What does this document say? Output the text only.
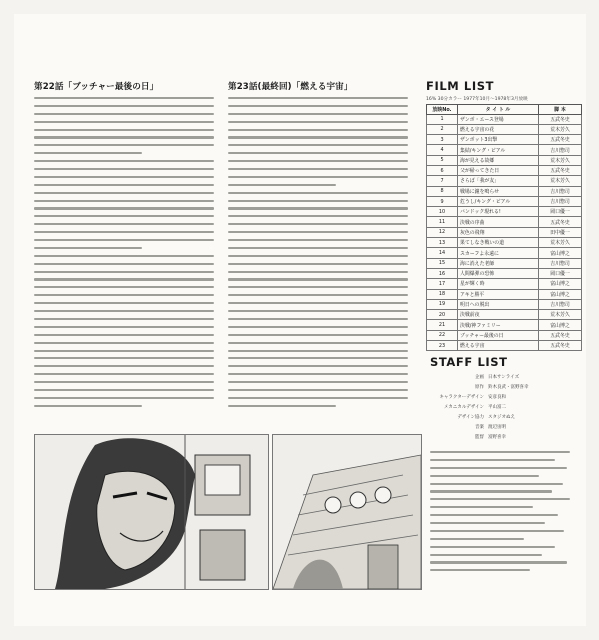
第22話「ブッチャー最後の日」	第23話(最終回)「燃える宇宙」	FILM LIST
16% 30分カラー 1977年10月〜1978年3月放映
放映No.	タ イ ト ル	脚 本
1	ザンボ・エース登場	五武冬史
2	燃える宇宙の花	荒木芳久
3	ザンボット3出撃	五武冬史
4	集結/キング・ビアル	吉川惣司
5	海が見える故郷	荒木芳久
6	父が帰ってきた日	五武冬史
7	さらば「我が友」	荒木芳久
8	戦場に鐘を鳴らせ	吉川惣司
9	危うし/キング・ビアル	吉川惣司
10	バンドック現れる!	岡口優一
11	決戦の序曲	五武冬史
12	灰色の飛翔	田中優一
13	果てしなき戦いの道	荒木芳久
14	スカーフよ永遠に	富山博之
15	海に消えた老師	吉川惣司
16	人間爆弾の恐怖	岡口優一
17	星が輝く時	富山博之
18	アキと勝平	富山博之
19	明日への脱出	吉川惣司
20	決戦前夜	荒木芳久
21	決戦/神ファミリー	富山博之
22	ブッチャー最後の日	五武冬史
23	燃える宇宙	五武冬史
STAFF LIST
企画 日本サンライズ
原作 鈴木良武・富野喜幸
キャラクターデザイン 安彦良和
メカニカルデザイン 平山富二
デザイン協力 スタジオぬえ
音楽 渡辺宙明
監督 富野喜幸
